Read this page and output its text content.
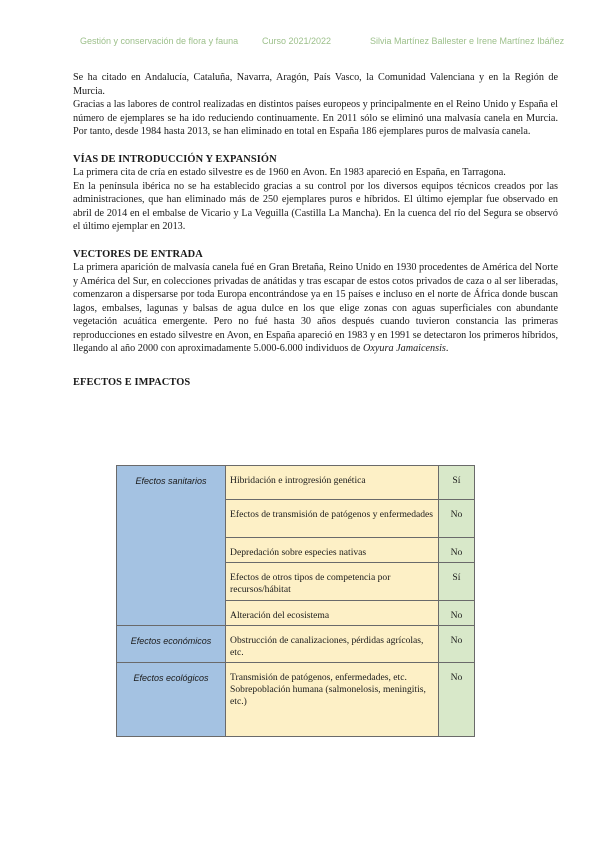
Gestión y conservación de flora y fauna	Curso 2021/2022	Silvia Martínez Ballester e Irene Martínez Ibáñez

Se ha citado en Andalucía, Cataluña, Navarra, Aragón, País Vasco, la Comunidad Valenciana y en la Región de Murcia.

Gracias a las labores de control realizadas en distintos países europeos y principalmente en el Reino Unido y España el número de ejemplares se ha ido reduciendo continuamente. En 2011 sólo se eliminó una malvasía canela en Murcia. Por tanto, desde 1984 hasta 2013, se han eliminado en total en España 186 ejemplares puros de malvasía canela.

VÍAS DE INTRODUCCIÓN Y EXPANSIÓN

La primera cita de cría en estado silvestre es de 1960 en Avon. En 1983 apareció en España, en Tarragona.

En la península ibérica no se ha establecido gracias a su control por los diversos equipos técnicos creados por las administraciones, que han eliminado más de 250 ejemplares puros e híbridos. El último ejemplar fue observado en abril de 2014 en el embalse de Vicario y La Veguilla (Castilla La Mancha). En la cuenca del río del Segura se observó el último ejemplar en 2013.

VECTORES DE ENTRADA

La primera aparición de malvasía canela fué en Gran Bretaña, Reino Unido en 1930 procedentes de América del Norte y América del Sur, en colecciones privadas de anátidas y tras escapar de estos cotos privados de caza o al ser liberadas, comenzaron a dispersarse por toda Europa encontrándose ya en 15 países e incluso en el norte de África donde buscan lagos, embalses, lagunas y balsas de agua dulce en los que elige zonas con aguas superficiales con abundante vegetación acuática emergente. Pero no fué hasta 30 años después cuando tuvieron constancia las primeras reproducciones en estado silvestre en Avon, en España apareció en 1983 y en 1991 se detectaron los primeros híbridos, llegando al año 2000 con aproximadamente 5.000-6.000 individuos de Oxyura Jamaicensis.

EFECTOS E IMPACTOS
Efectos sanitarios	Hibridación e introgresión genética	Sí
	Efectos de transmisión de patógenos y enfermedades	No
	Depredación sobre especies nativas	No
	Efectos de otros tipos de competencia por recursos/hábitat	Sí
	Alteración del ecosistema	No
Efectos económicos	Obstrucción de canalizaciones, pérdidas agrícolas, etc.	No
Efectos ecológicos	Transmisión de patógenos, enfermedades, etc. Sobrepoblación humana (salmonelosis, meningitis, etc.)	No
